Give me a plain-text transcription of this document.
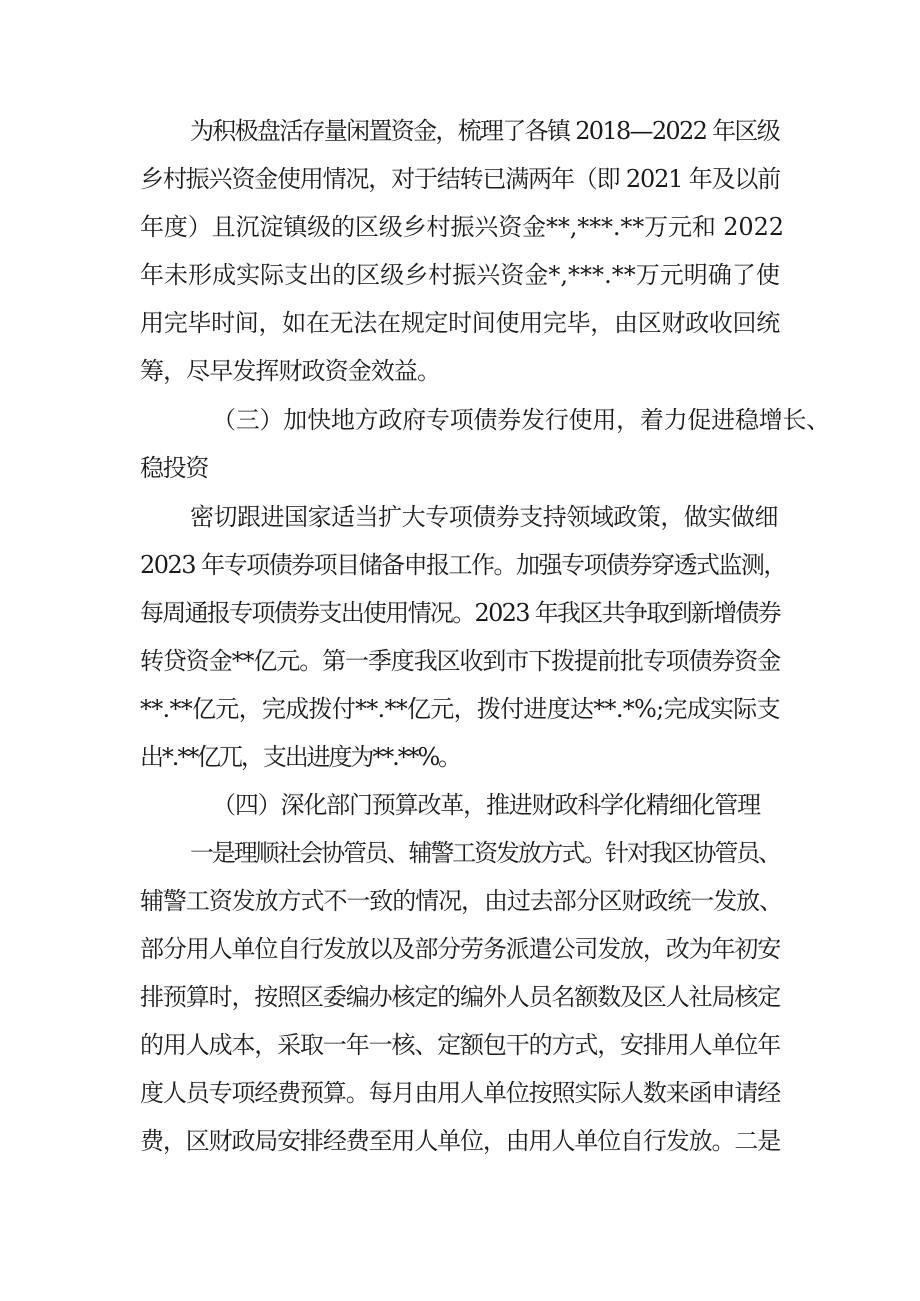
为积极盘活存量闲置资金，梳理了各镇 2018—2022 年区级
乡村振兴资金使用情况，对于结转已满两年（即 2021 年及以前
年度）且沉淀镇级的区级乡村振兴资金**,***.**万元和 2022
年未形成实际支出的区级乡村振兴资金*,***.**万元明确了使
用完毕时间，如在无法在规定时间使用完毕，由区财政收回统
筹，尽早发挥财政资金效益。
（三）加快地方政府专项债券发行使用，着力促进稳增长、
稳投资
密切跟进国家适当扩大专项债券支持领域政策，做实做细
2023 年专项债券项目储备申报工作。加强专项债券穿透式监测，
每周通报专项债券支出使用情况。2023 年我区共争取到新增债券
转贷资金**亿元。第一季度我区收到市下拨提前批专项债券资金
**.**亿元，完成拨付**.**亿元，拨付进度达**.*%;完成实际支
出*.**亿兀，支出进度为**.**%。
（四）深化部门预算改革，推进财政科学化精细化管理
一是理顺社会协管员、辅警工资发放方式。针对我区协管员、
辅警工资发放方式不一致的情况，由过去部分区财政统一发放、
部分用人单位自行发放以及部分劳务派遣公司发放，改为年初安
排预算时，按照区委编办核定的编外人员名额数及区人社局核定
的用人成本，采取一年一核、定额包干的方式，安排用人单位年
度人员专项经费预算。每月由用人单位按照实际人数来函申请经
费，区财政局安排经费至用人单位，由用人单位自行发放。二是
